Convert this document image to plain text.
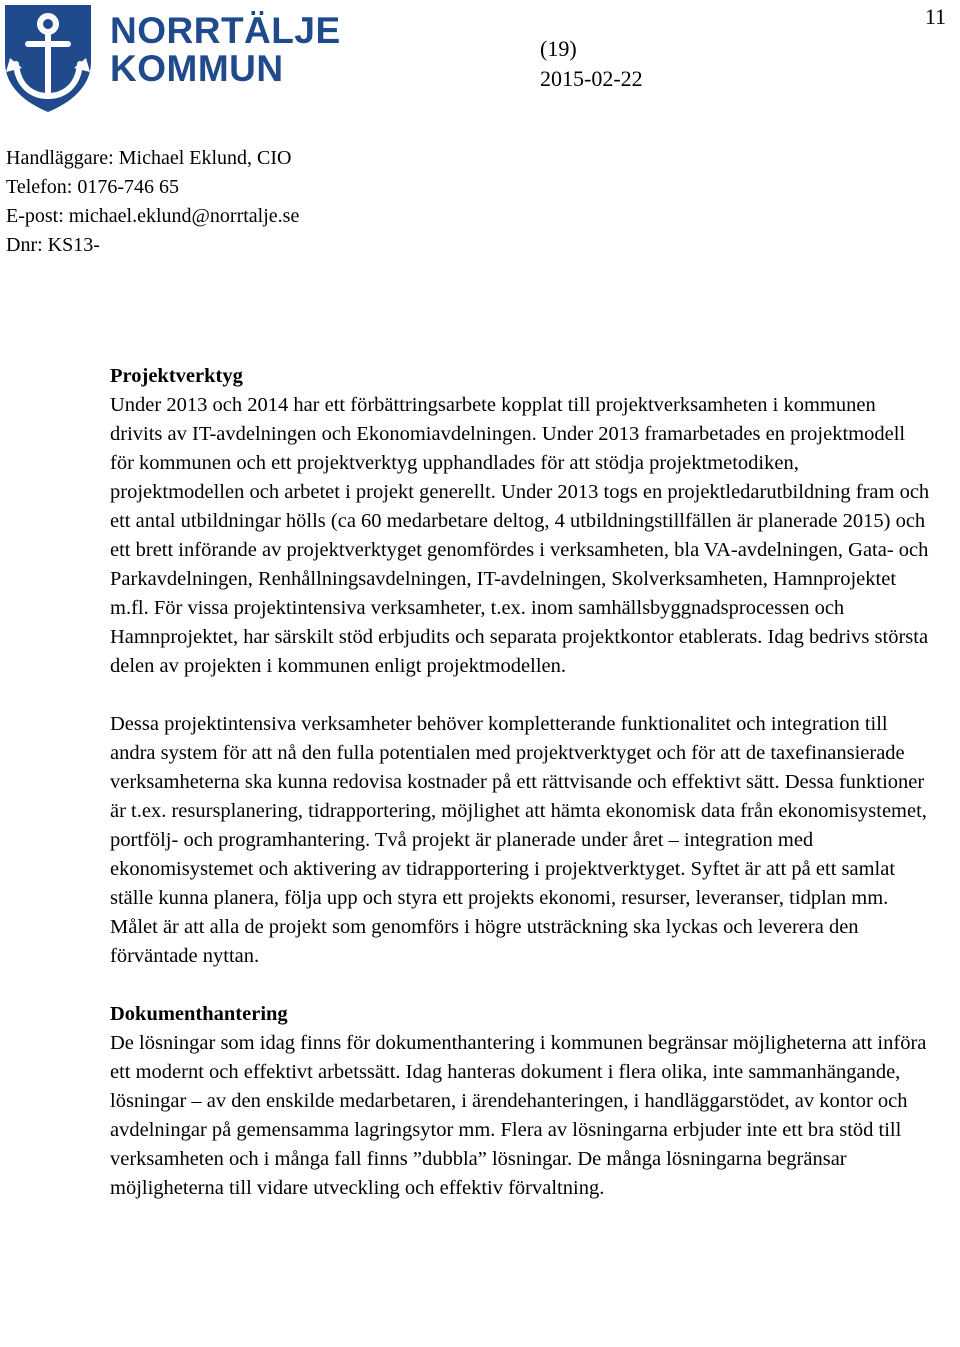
NORRTÄLJE
KOMMUN
11
(19)
2015-02-22
Handläggare: Michael Eklund, CIO
Telefon: 0176-746 65
E-post: michael.eklund@norrtalje.se
Dnr: KS13-
Projektverktyg

Under 2013 och 2014 har ett förbättringsarbete kopplat till projektverksamheten i kommunen drivits av IT-avdelningen och Ekonomiavdelningen. Under 2013 framarbetades en projektmodell för kommunen och ett projektverktyg upphandlades för att stödja projektmetodiken, projektmodellen och arbetet i projekt generellt. Under 2013 togs en projektledarutbildning fram och ett antal utbildningar hölls (ca 60 medarbetare deltog, 4 utbildningstillfällen är planerade 2015) och ett brett införande av projektverktyget genomfördes i verksamheten, bla VA-avdelningen, Gata- och Parkavdelningen, Renhållningsavdelningen, IT-avdelningen, Skolverksamheten, Hamnprojektet m.fl. För vissa projektintensiva verksamheter, t.ex. inom samhällsbyggnadsprocessen och Hamnprojektet, har särskilt stöd erbjudits och separata projektkontor etablerats. Idag bedrivs största delen av projekten i kommunen enligt projektmodellen.

Dessa projektintensiva verksamheter behöver kompletterande funktionalitet och integration till andra system för att nå den fulla potentialen med projektverktyget och för att de taxefinansierade verksamheterna ska kunna redovisa kostnader på ett rättvisande och effektivt sätt. Dessa funktioner är t.ex. resursplanering, tidrapportering, möjlighet att hämta ekonomisk data från ekonomisystemet, portfölj- och programhantering. Två projekt är planerade under året – integration med ekonomisystemet och aktivering av tidrapportering i projektverktyget. Syftet är att på ett samlat ställe kunna planera, följa upp och styra ett projekts ekonomi, resurser, leveranser, tidplan mm. Målet är att alla de projekt som genomförs i högre utsträckning ska lyckas och leverera den förväntade nyttan.

Dokumenthantering

De lösningar som idag finns för dokumenthantering i kommunen begränsar möjligheterna att införa ett modernt och effektivt arbetssätt. Idag hanteras dokument i flera olika, inte sammanhängande, lösningar – av den enskilde medarbetaren, i ärendehanteringen, i handläggarstödet, av kontor och avdelningar på gemensamma lagringsytor mm. Flera av lösningarna erbjuder inte ett bra stöd till verksamheten och i många fall finns ”dubbla” lösningar. De många lösningarna begränsar möjligheterna till vidare utveckling och effektiv förvaltning.
